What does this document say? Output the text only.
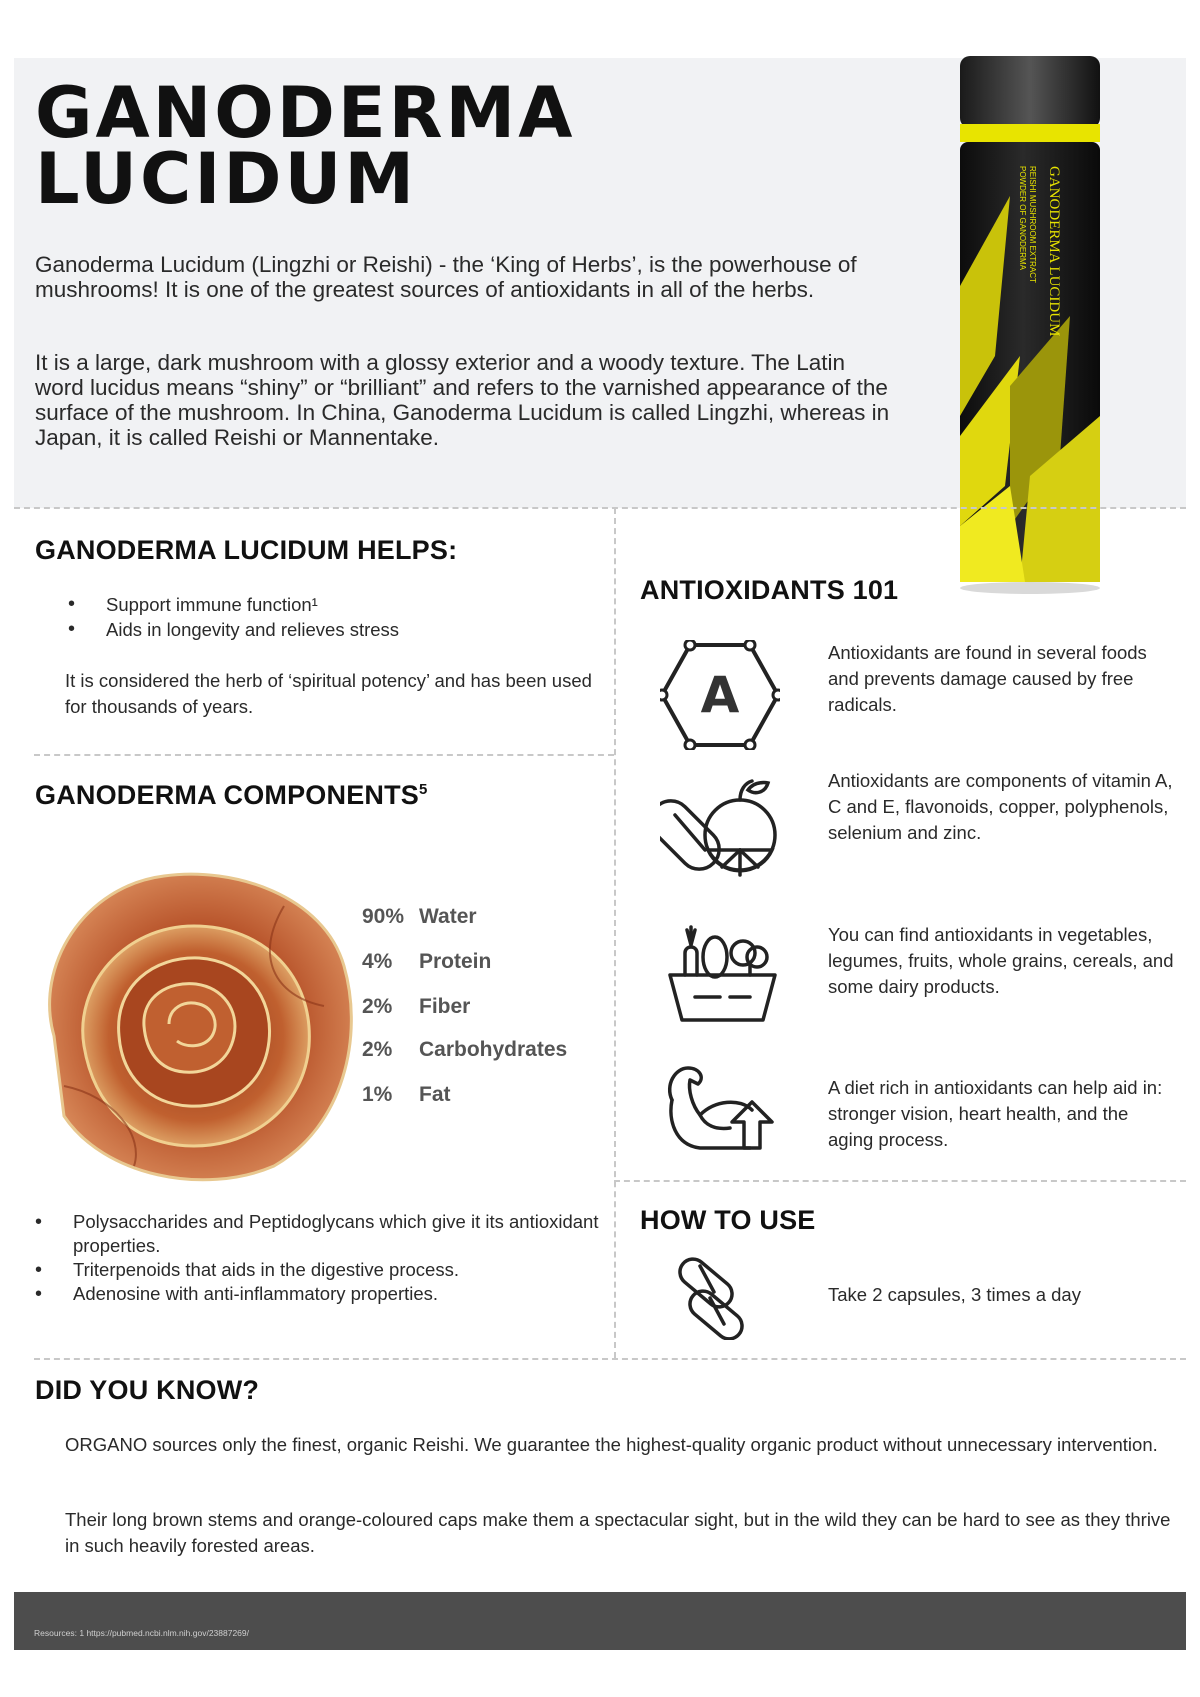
GANODERMA
LUCIDUM

Ganoderma Lucidum (Lingzhi or Reishi) - the ‘King of Herbs’, is the powerhouse of mushrooms! It is one of the greatest sources of antioxidants in all of the herbs.

It is a large, dark mushroom with a glossy exterior and a woody texture. The Latin word lucidus means “shiny” or “brilliant” and refers to the varnished appearance of the surface of the mushroom. In China, Ganoderma Lucidum is called Lingzhi, whereas in Japan, it is called Reishi or Mannentake.

GANODERMA LUCIDUM
REISHI MUSHROOM EXTRACT
POWDER OF GANODERMA
GANODERMA LUCIDUM HELPS:
• Support immune function¹
• Aids in longevity and relieves stress
It is considered the herb of ‘spiritual potency’ and has been used for thousands of years.
GANODERMA COMPONENTS$^5$
90% Water
4% Protein
2% Fiber
2% Carbohydrates
1% Fat
• Polysaccharides and Peptidoglycans which give it its antioxidant properties.
• Triterpenoids that aids in the digestive process.
• Adenosine with anti-inflammatory properties.
ANTIOXIDANTS 101
A
Antioxidants are found in several foods and prevents damage caused by free radicals.
Antioxidants are components of vitamin A, C and E, flavonoids, copper, polyphenols, selenium and zinc.
You can find antioxidants in vegetables, legumes, fruits, whole grains, cereals, and some dairy products.
A diet rich in antioxidants can help aid in: stronger vision, heart health, and the aging process.
HOW TO USE
Take 2 capsules, 3 times a day
DID YOU KNOW?

ORGANO sources only the finest, organic Reishi. We guarantee the highest-quality organic product without unnecessary intervention.

Their long brown stems and orange-coloured caps make them a spectacular sight, but in the wild they can be hard to see as they thrive in such heavily forested areas.

Resources: 1 https://pubmed.ncbi.nlm.nih.gov/23887269/
